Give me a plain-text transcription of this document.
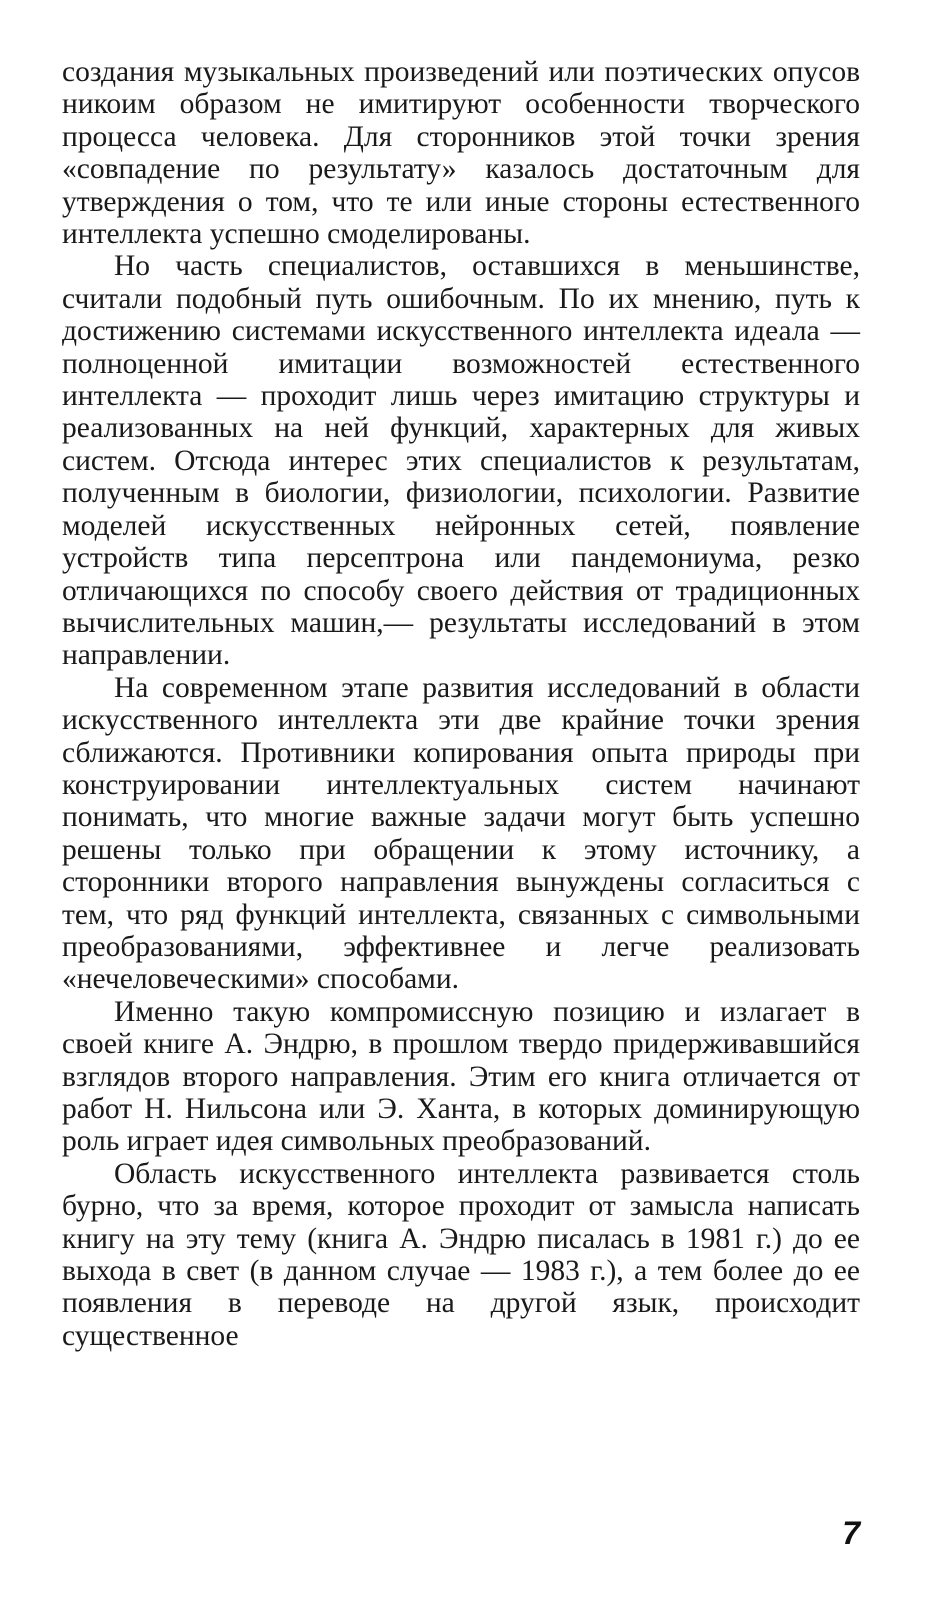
создания музыкальных произведений или поэтических опусов никоим образом не имитируют особенности творческого процесса человека. Для сторонников этой точки зрения «совпадение по результату» казалось достаточным для утверждения о том, что те или иные стороны естественного интеллекта успешно смоделированы.

Но часть специалистов, оставшихся в меньшинстве, считали подобный путь ошибочным. По их мнению, путь к достижению системами искусственного интеллекта идеала — полноценной имитации возможностей естественного интеллекта — проходит лишь через имитацию структуры и реализованных на ней функций, характерных для живых систем. Отсюда интерес этих специалистов к результатам, полученным в биологии, физиологии, психологии. Развитие моделей искусственных нейронных сетей, появление устройств типа персептрона или пандемониума, резко отличающихся по способу своего действия от традиционных вычислительных машин,— результаты исследований в этом направлении.

На современном этапе развития исследований в области искусственного интеллекта эти две крайние точки зрения сближаются. Противники копирования опыта природы при конструировании интеллектуальных систем начинают понимать, что многие важные задачи могут быть успешно решены только при обращении к этому источнику, а сторонники второго направления вынуждены согласиться с тем, что ряд функций интеллекта, связанных с символьными преобразованиями, эффективнее и легче реализовать «нечеловеческими» способами.

Именно такую компромиссную позицию и излагает в своей книге А. Эндрю, в прошлом твердо придерживавшийся взглядов второго направления. Этим его книга отличается от работ Н. Нильсона или Э. Ханта, в которых доминирующую роль играет идея символьных преобразований.

Область искусственного интеллекта развивается столь бурно, что за время, которое проходит от замысла написать книгу на эту тему (книга А. Эндрю писалась в 1981 г.) до ее выхода в свет (в данном случае — 1983 г.), а тем более до ее появления в переводе на другой язык, происходит существенное

7
